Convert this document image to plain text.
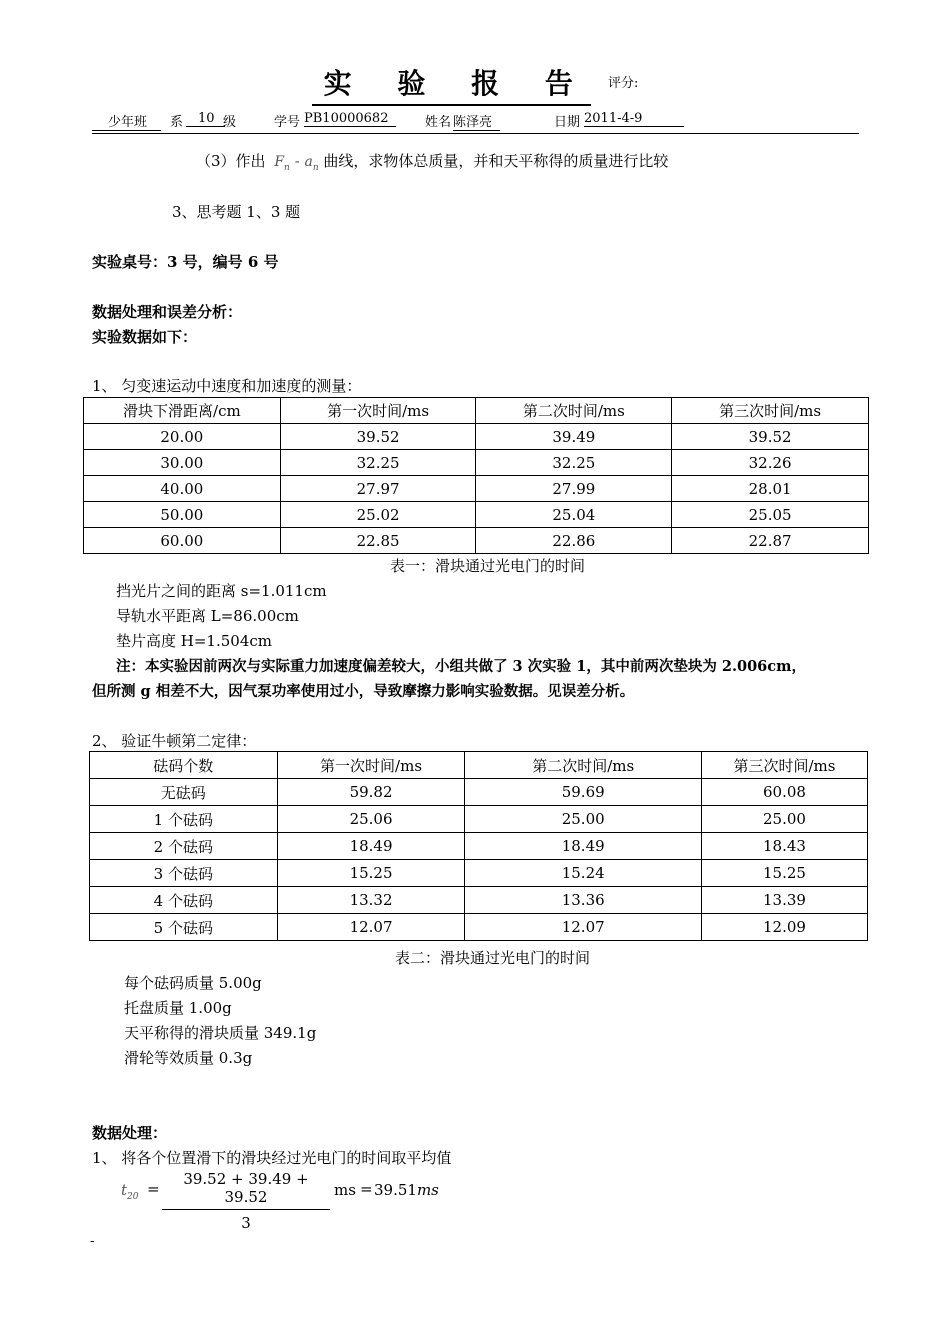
实 验 报 告 $^{评分:}$
少年班	系	10 级	学号 PB10000682	姓名 陈泽亮	日期 2011-4-9
（3）作出 $F_n - a_n$ 曲线，求物体总质量，并和天平称得的质量进行比较
3、思考题 1、3 题
实验桌号：3 号，编号 6 号
数据处理和误差分析：
实验数据如下：
1、 匀变速运动中速度和加速度的测量：
滑块下滑距离/cm	第一次时间/ms	第二次时间/ms	第三次时间/ms
20.00	39.52	39.49	39.52
30.00	32.25	32.25	32.26
40.00	27.97	27.99	28.01
50.00	25.02	25.04	25.05
60.00	22.85	22.86	22.87
表一：滑块通过光电门的时间
挡光片之间的距离 s=1.011cm
导轨水平距离 L=86.00cm
垫片高度 H=1.504cm
注：本实验因前两次与实际重力加速度偏差较大，小组共做了 3 次实验 1，其中前两次垫块为 2.006cm，
但所测 g 相差不大，因气泵功率使用过小，导致摩擦力影响实验数据。见误差分析。
2、 验证牛顿第二定律：
砝码个数	第一次时间/ms	第二次时间/ms	第三次时间/ms
无砝码	59.82	59.69	60.08
1 个砝码	25.06	25.00	25.00
2 个砝码	18.49	18.49	18.43
3 个砝码	15.25	15.24	15.25
4 个砝码	13.32	13.36	13.39
5 个砝码	12.07	12.07	12.09
表二：滑块通过光电门的时间
每个砝码质量 5.00g
托盘质量 1.00g
天平称得的滑块质量 349.1g
滑轮等效质量 0.3g
数据处理：
1、 将各个位置滑下的滑块经过光电门的时间取平均值
$t_{20} = \frac{39.52 + 39.49 + 39.52}{3}$ ms = 39.51ms
-
